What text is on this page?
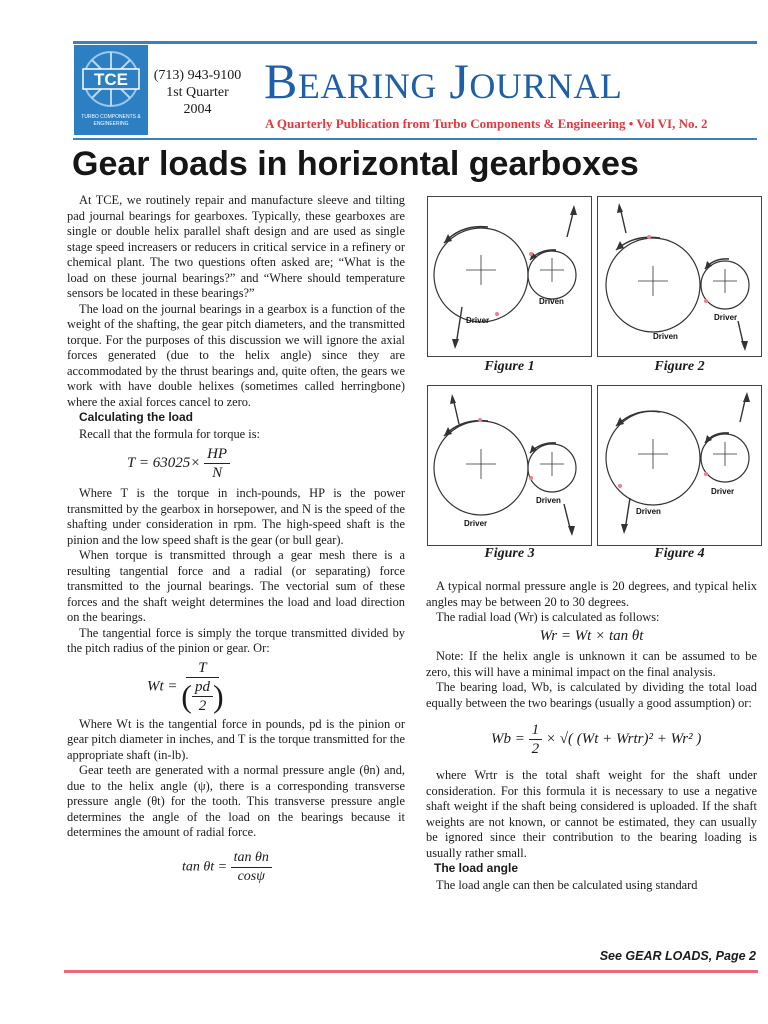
TCE
TURBO COMPONENTS &
ENGINEERING
(713) 943-9100
1st Quarter
2004
BEARING JOURNAL
A Quarterly Publication from Turbo Components & Engineering • Vol VI, No. 2
Gear loads in horizontal gearboxes

At TCE, we routinely repair and manufacture sleeve and tilting pad journal bearings for gearboxes. Typically, these gearboxes are single or double helix parallel shaft design and are used as single stage speed increasers or reducers in critical service in a refinery or chemical plant. The two questions often asked are; “What is the load on these journal bearings?” and “Where should temperature sensors be located in these bearings?”

The load on the journal bearings in a gearbox is a function of the weight of the shafting, the gear pitch diameters, and the transmitted torque. For the purposes of this discussion we will ignore the axial forces generated (due to the helix angle) since they are accommodated by the thrust bearings and, quite often, the gears we work with have double helixes (sometimes called herringbone) where the axial forces cancel to zero.

Calculating the load

Recall that the formula for torque is:

$T = 63025\times \frac{HP}{N}$

Where T is the torque in inch-pounds, HP is the power transmitted by the gearbox in horsepower, and N is the speed of the shafting under consideration in rpm. The high-speed shaft is the pinion and the low speed shaft is the gear (or bull gear).

When torque is transmitted through a gear mesh there is a resulting tangential force and a radial (or separating) force transmitted to the journal bearings. The vectorial sum of these forces and the shaft weight determines the load and load direction on the bearings.

The tangential force is simply the torque transmitted divided by the pitch radius of the pinion or gear. Or:

$Wt = \frac{T}{( \frac{pd}{2} )}$

Where Wt is the tangential force in pounds, pd is the pinion or gear pitch diameter in inches, and T is the torque transmitted for the appropriate shaft (in-lb).

Gear teeth are generated with a normal pressure angle (θn) and, due to the helix angle (ψ), there is a corresponding transverse pressure angle (θt) for the tooth. This transverse pressure angle determines the angle of the load on the bearings because it determines the amount of radial force.

$\tan \theta t = \frac{\text{tan θn}}{\cos\psi}$
Driven
Driver
Figure 1
Driver
Driven
Figure 2
Driven
Driver
Figure 3
Driver
Driven
Figure 4

A typical normal pressure angle is 20 degrees, and typical helix angles may be between 20 to 30 degrees.

The radial load (Wr) is calculated as follows:

Wr = Wt × tan θt

Note: If the helix angle is unknown it can be assumed to be zero, this will have a minimal impact on the final analysis.

The bearing load, Wb, is calculated by dividing the total load equally between the two bearings (usually a good assumption) or:

$Wb = \frac{1}{2}$ × √( (Wt + Wrtr)² + Wr² )

where Wrtr is the total shaft weight for the shaft under consideration. For this formula it is necessary to use a negative shaft weight if the shaft being considered is uploaded. If the shaft weights are not known, or cannot be estimated, they can usually be ignored since their contribution to the bearing loading is usually rather small.

The load angle

The load angle can then be calculated using standard

See GEAR LOADS, Page 2
